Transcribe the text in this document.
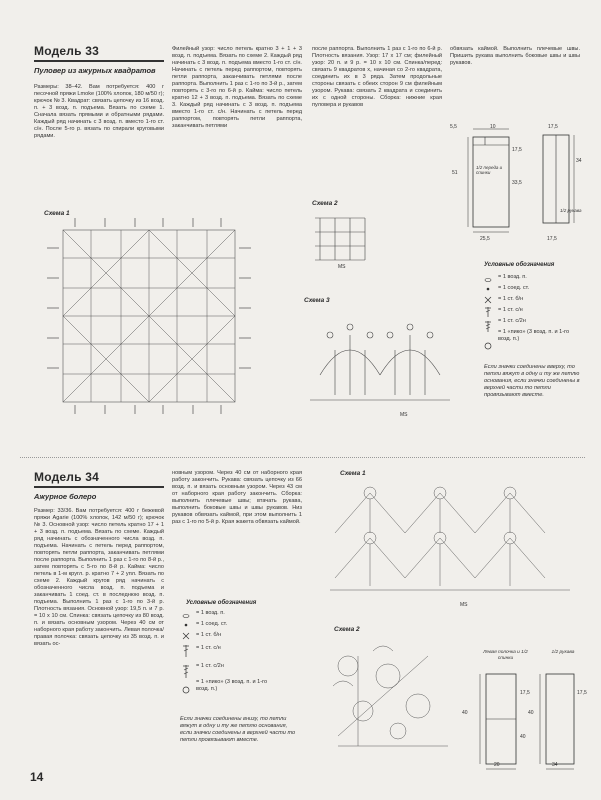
Модель 33
Пуловер из ажурных квадратов
Размеры: 38–42. Вам потребуется: 400 г песочной пряжи Lmoke (100% хлопок, 180 м/50 г); крючок № 3. Квадрат: связать цепочку из 16 возд. п. + 3 возд. п. подъема. Вязать по схеме 1. Сначала вязать прямыми и обратными рядами. Каждый ряд начинать с 3 возд. п. вместо 1-го ст. с/н. После 5-го р. вязать по спирали круговыми рядами.
Филейный узор: число петель кратно 3 + 1 + 3 возд. п. подъема. Вязать по схеме 2. Каждый ряд начинать с 3 возд. п. подъема вместо 1-го ст. с/н. Начинать с петель перед раппортом, повторять петли раппорта, заканчивать петлями после раппорта. Выполнить 1 раз с 1-го по 3-й р., затем повторять с 3-го по 6-й р. Кайма: число петель кратно 12 + 3 возд. п. подъема. Вязать по схеме 3. Каждый ряд начинать с 3 возд. п. подъема вместо 1-го ст. с/н. Начинать с петель перед раппортом, повторять петли раппорта, заканчивать петлями
после раппорта. Выполнить 1 раз с 1-го по 6-й р. Плотность вязания. Узор: 17 х 17 см; филейный узор: 20 п. и 9 р. = 10 х 10 см. Спинка/перед: связать 9 квадратов х, начиная со 2-го квадрата, соединить их в 3 ряда. Затем продольные стороны связать с обеих сторон 9 см филейным узором. Рукава: связать 2 квадрата и соединить их с одной стороны. Сборка: нижние края пуловера и рукавов
обвязать каймой. Выполнить плечевые швы. Пришить рукава выполнить боковые швы и швы рукавов.
5,5	10
17,5
33,5
51
25,5
1/2 переда и спинки
17,5
34
17,5
1/2 рукава
Схема 1
Схема 2
MS
Схема 3
MS
Условные обозначения
= 1 возд. п.
= 1 соед. ст.
= 1 ст. б/н
= 1 ст. с/н
= 1 ст. с/2н
= 1 «пико» (3 возд. п. и 1-го возд. п.)
Если значки соединены вверху, то петли вяжут в одну и ту же петлю основания, если значки соединены в верхней части то петли провязывают вместе.
Модель 34
Ажурное болеро
Размер: 33/36. Вам потребуется: 400 г бежевой пряжи Agarie (100% хлопок, 142 м/50 г); крючок № 3. Основной узор: число петель кратно 17 + 1 + 3 возд. п. подъема. Вязать по схеме. Каждый ряд начинать с обозначенного числа возд. п. подъема. Начинать с петель перед раппортом, повторять петли раппорта, заканчивать петлями после раппорта. Выполнить 1 раз с 1-го по 8-й р., затем повторять с 5-го по 8-й р. Кайма: число петель в 1-м кругл. р. кратно 7 + 2 упл. Вязать по схеме 2. Каждый кругов ряд начинать с обозначенного числа возд. п. подъема и заканчивать 1 соед. ст. в последнюю возд. п. подъема. Выполнить 1 раз с 1-го по 3-й р. Плотность вязания. Основной узор: 19,5 п. и 7 р. = 10 х 10 см. Спинка: связать цепочку из 80 возд. п. и вязать основным узором. Через 40 см от наборного края работу закончить. Левая полочка/правая полочка: связать цепочку из 35 возд. п. и вязать ос-
новным узором. Через 40 см от наборного края работу закончить. Рукава: связать цепочку из 66 возд. п. и вязать основным узором. Через 43 см от наборного края работу закончить. Сборка: выполнить плечевые швы; втачать рукава, выполнить боковые швы и швы рукавов. Низ рукавов обвязать каймой, при этом выполнить 1 раз с 1-го по 5-й р. Края жакета обвязать каймой.
Условные обозначения
= 1 возд. п.
= 1 соед. ст.
= 1 ст. б/н
= 1 ст. с/н
= 1 ст. с/2н
= 1 «пико» (3 возд. п. и 1-го возд. п.)
Если значки соединены внизу, то петли вяжут в одну и ту же петлю основания, если значки соединены в верхней части то петли провязывают вместе.
Схема 1
MS
Схема 2
Левая полочка и 1/2 спинки
1/2 рукава
40
17,5
40
20
40
17,5
34
14
